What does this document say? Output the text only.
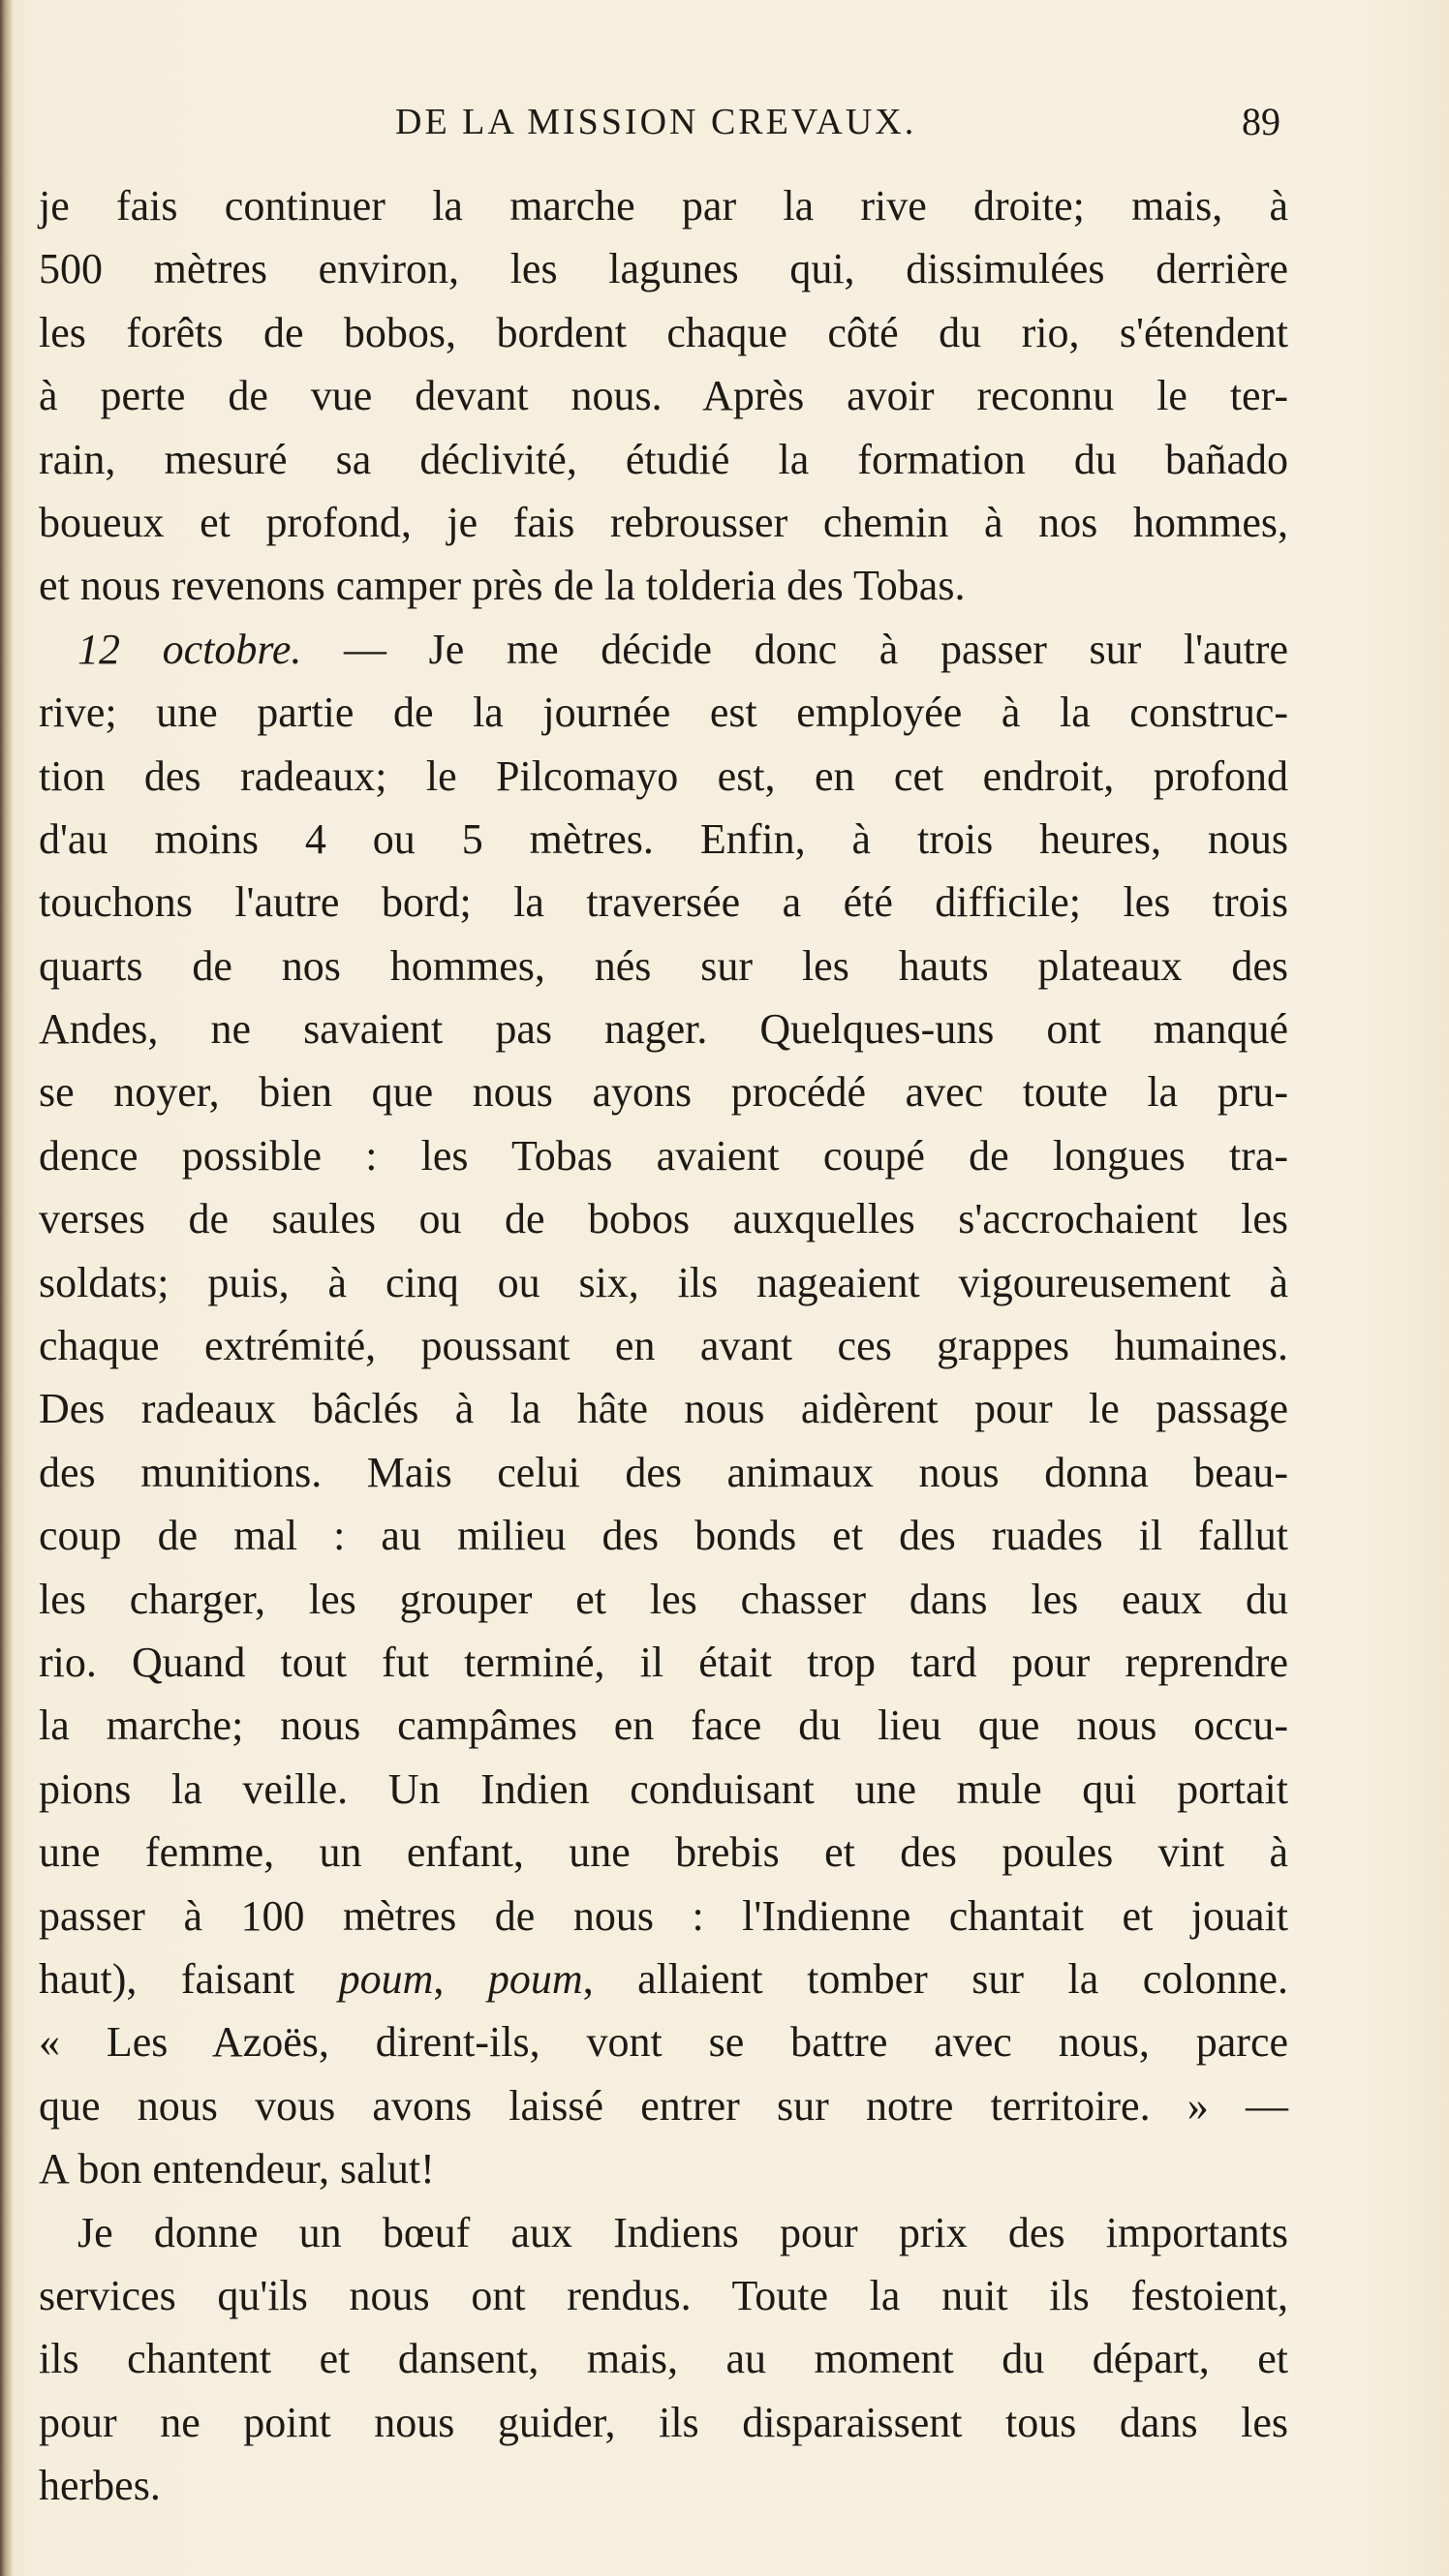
DE LA MISSION CREVAUX.	89
je fais continuer la marche par la rive droite; mais, à
500 mètres environ, les lagunes qui, dissimulées derrière
les forêts de bobos, bordent chaque côté du rio, s'étendent
à perte de vue devant nous. Après avoir reconnu le ter-
rain, mesuré sa déclivité, étudié la formation du bañado
boueux et profond, je fais rebrousser chemin à nos hommes,
et nous revenons camper près de la tolderia des Tobas.
12 octobre. — Je me décide donc à passer sur l'autre
rive; une partie de la journée est employée à la construc-
tion des radeaux; le Pilcomayo est, en cet endroit, profond
d'au moins 4 ou 5 mètres. Enfin, à trois heures, nous
touchons l'autre bord; la traversée a été difficile; les trois
quarts de nos hommes, nés sur les hauts plateaux des
Andes, ne savaient pas nager. Quelques-uns ont manqué
se noyer, bien que nous ayons procédé avec toute la pru-
dence possible : les Tobas avaient coupé de longues tra-
verses de saules ou de bobos auxquelles s'accrochaient les
soldats; puis, à cinq ou six, ils nageaient vigoureusement à
chaque extrémité, poussant en avant ces grappes humaines.
Des radeaux bâclés à la hâte nous aidèrent pour le passage
des munitions. Mais celui des animaux nous donna beau-
coup de mal : au milieu des bonds et des ruades il fallut
les charger, les grouper et les chasser dans les eaux du
rio. Quand tout fut terminé, il était trop tard pour reprendre
la marche; nous campâmes en face du lieu que nous occu-
pions la veille. Un Indien conduisant une mule qui portait
une femme, un enfant, une brebis et des poules vint à
passer à 100 mètres de nous : l'Indienne chantait et jouait
haut), faisant poum, poum, allaient tomber sur la colonne.
« Les Azoës, dirent-ils, vont se battre avec nous, parce
que nous vous avons laissé entrer sur notre territoire. » —
A bon entendeur, salut!
Je donne un bœuf aux Indiens pour prix des importants
services qu'ils nous ont rendus. Toute la nuit ils festoient,
ils chantent et dansent, mais, au moment du départ, et
pour ne point nous guider, ils disparaissent tous dans les
herbes.
